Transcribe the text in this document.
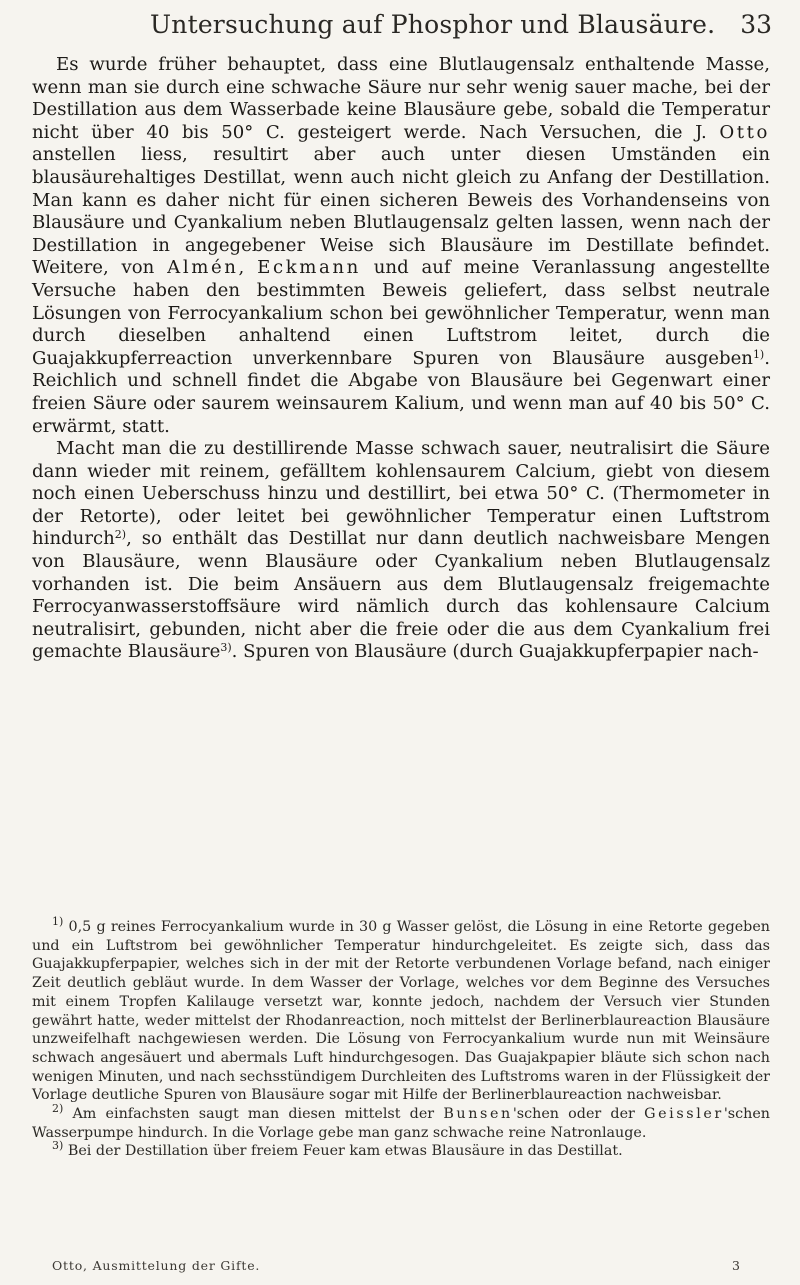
Untersuchung auf Phosphor und Blausäure. 33

Es wurde früher behauptet, dass eine Blutlaugensalz enthaltende Masse, wenn man sie durch eine schwache Säure nur sehr wenig sauer mache, bei der Destillation aus dem Wasserbade keine Blausäure gebe, sobald die Temperatur nicht über 40 bis 50° C. gesteigert werde. Nach Versuchen, die J. Otto anstellen liess, resultirt aber auch unter diesen Umständen ein blausäurehaltiges Destillat, wenn auch nicht gleich zu Anfang der Destillation. Man kann es daher nicht für einen sicheren Beweis des Vorhandenseins von Blausäure und Cyankalium neben Blutlaugensalz gelten lassen, wenn nach der Destillation in angegebener Weise sich Blausäure im Destillate befindet. Weitere, von Almén, Eckmann und auf meine Veranlassung angestellte Versuche haben den bestimmten Beweis geliefert, dass selbst neutrale Lösungen von Ferrocyankalium schon bei gewöhnlicher Temperatur, wenn man durch dieselben anhaltend einen Luftstrom leitet, durch die Guajakkupferreaction unverkennbare Spuren von Blausäure ausgeben$^{1)}$. Reichlich und schnell findet die Abgabe von Blausäure bei Gegenwart einer freien Säure oder saurem weinsaurem Kalium, und wenn man auf 40 bis 50° C. erwärmt, statt.

Macht man die zu destillirende Masse schwach sauer, neutralisirt die Säure dann wieder mit reinem, gefälltem kohlensaurem Calcium, giebt von diesem noch einen Ueberschuss hinzu und destillirt, bei etwa 50° C. (Thermometer in der Retorte), oder leitet bei gewöhnlicher Temperatur einen Luftstrom hindurch$^{2)}$, so enthält das Destillat nur dann deutlich nachweisbare Mengen von Blausäure, wenn Blausäure oder Cyankalium neben Blutlaugensalz vorhanden ist. Die beim Ansäuern aus dem Blutlaugensalz freigemachte Ferrocyanwasserstoffsäure wird nämlich durch das kohlensaure Calcium neutralisirt, gebunden, nicht aber die freie oder die aus dem Cyankalium frei gemachte Blausäure$^{3)}$. Spuren von Blausäure (durch Guajakkupferpapier nach-

$^{1)}$ 0,5 g reines Ferrocyankalium wurde in 30 g Wasser gelöst, die Lösung in eine Retorte gegeben und ein Luftstrom bei gewöhnlicher Temperatur hindurchgeleitet. Es zeigte sich, dass das Guajakkupferpapier, welches sich in der mit der Retorte verbundenen Vorlage befand, nach einiger Zeit deutlich gebläut wurde. In dem Wasser der Vorlage, welches vor dem Beginne des Versuches mit einem Tropfen Kalilauge versetzt war, konnte jedoch, nachdem der Versuch vier Stunden gewährt hatte, weder mittelst der Rhodanreaction, noch mittelst der Berlinerblaureaction Blausäure unzweifelhaft nachgewiesen werden. Die Lösung von Ferrocyankalium wurde nun mit Weinsäure schwach angesäuert und abermals Luft hindurchgesogen. Das Guajakpapier bläute sich schon nach wenigen Minuten, und nach sechsstündigem Durchleiten des Luftstroms waren in der Flüssigkeit der Vorlage deutliche Spuren von Blausäure sogar mit Hilfe der Berlinerblaureaction nachweisbar.

$^{2)}$ Am einfachsten saugt man diesen mittelst der Bunsen'schen oder der Geissler'schen Wasserpumpe hindurch. In die Vorlage gebe man ganz schwache reine Natronlauge.

$^{3)}$ Bei der Destillation über freiem Feuer kam etwas Blausäure in das Destillat.

Otto, Ausmittelung der Gifte.	3
